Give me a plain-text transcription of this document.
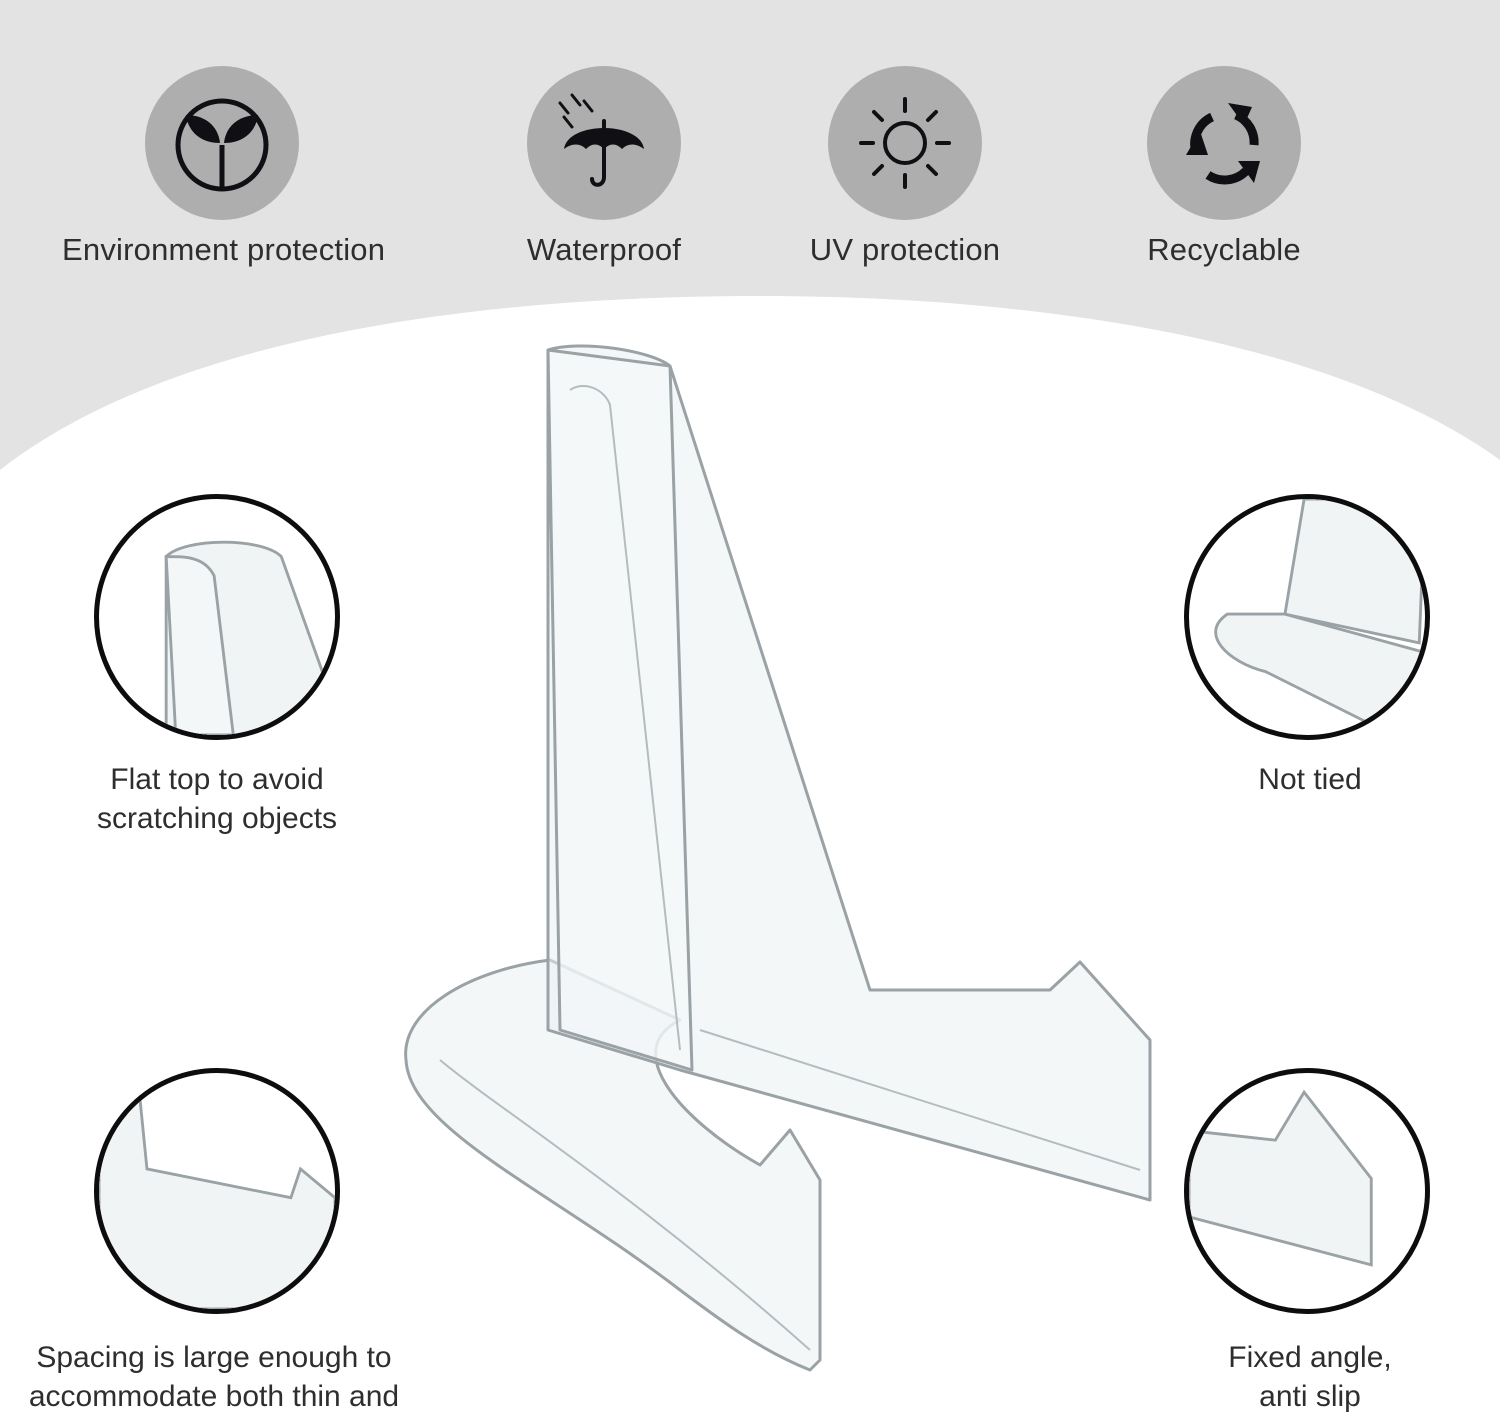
Environment protection	Waterproof	UV protection	Recyclable
Flat top to avoid
scratching objects
Not tied
Spacing is large enough to
accommodate both thin and
Fixed angle,
anti slip
